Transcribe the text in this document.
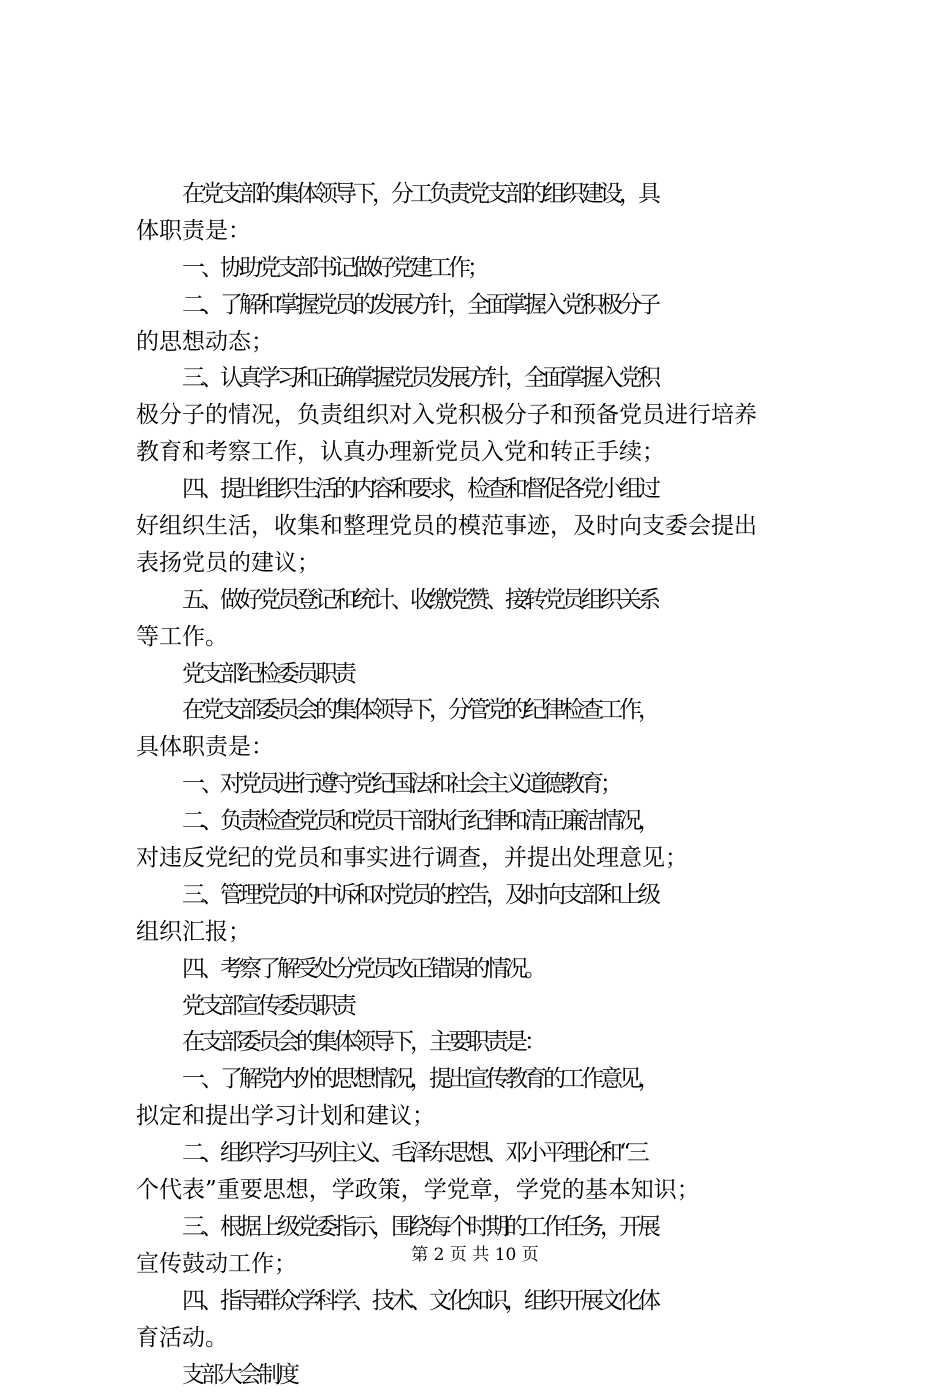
在党支部的集体领导下，分工负责党支部的组织建设，具
体职责是：
一、协助党支部书记做好党建工作；
二、了解和掌握党员的发展方针，全面掌握入党积极分子
的思想动态；
三、认真学习和正确掌握党员发展方针，全面掌握入党积
极分子的情况，负责组织对入党积极分子和预备党员进行培养
教育和考察工作，认真办理新党员入党和转正手续；
四、提出组织生活的内容和要求，检查和督促各党小组过
好组织生活，收集和整理党员的模范事迹，及时向支委会提出
表扬党员的建议；
五、做好党员登记和统计、收缴党赞、接转党员组织关系
等工作。
党支部纪检委员职责
在党支部委员会的集体领导下，分管党的纪律检查工作，
具体职责是：
一、对党员进行遵守党纪国法和社会主义道德教育；
二、负责检查党员和党员干部执行纪律和清正廉洁情况，
对违反党纪的党员和事实进行调查，并提出处理意见；
三、管理党员的中诉和对党员的控告，及时向支部和上级
组织汇报；
四、考察了解受处分党员改正错误的情况。
党支部宣传委员职责
在支部委员会的集体领导下，主要职责是：
一、了解党内外的思想情况，提出宣传教育的工作意见，
拟定和提出学习计划和建议；
二、组织学习马列主义、毛泽东思想、邓小平理论和“三
个代表”重要思想，学政策，学党章，学党的基本知识；
三、根据上级党委指示，围绕每个时期的工作任务，开展
宣传鼓动工作；
四、指导群众学科学、技术、文化知识，组织开展文化体
育活动。
支部大会制度
第 2 页 共 10 页
